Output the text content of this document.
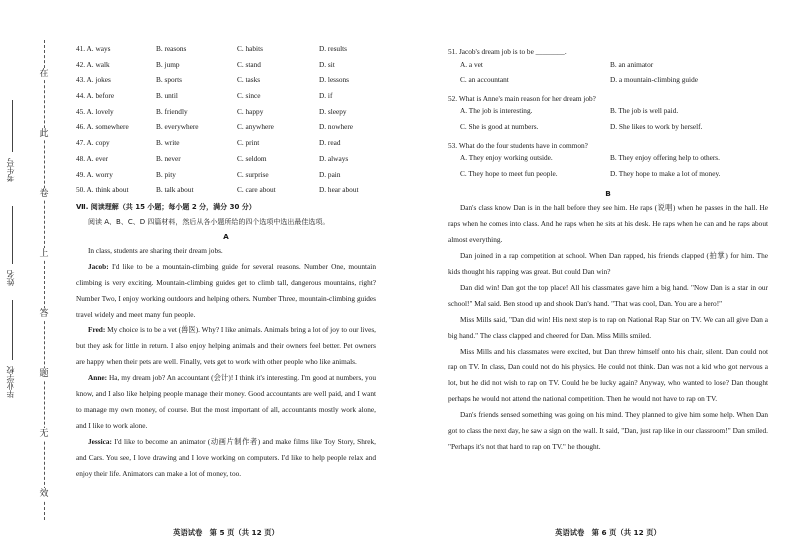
在
此
卷
上
答
题
无
效
考生号
姓名
毕业学校
41. A. ways	B. reasons	C. habits	D. results
42. A. walk	B. jump	C. stand	D. sit
43. A. jokes	B. sports	C. tasks	D. lessons
44. A. before	B. until	C. since	D. if
45. A. lovely	B. friendly	C. happy	D. sleepy
46. A. somewhere	B. everywhere	C. anywhere	D. nowhere
47. A. copy	B. write	C. print	D. read
48. A. ever	B. never	C. seldom	D. always
49. A. worry	B. pity	C. surprise	D. pain
50. A. think about	B. talk about	C. care about	D. hear about
Ⅶ. 阅读理解（共 15 小题；每小题 2 分，满分 30 分）
阅读 A、B、C、D 四篇材料，然后从各小题所给的四个选项中选出最佳选项。
A

In class, students are sharing their dream jobs.

Jacob: I'd like to be a mountain-climbing guide for several reasons. Number One, mountain climbing is very exciting. Mountain-climbing guides get to climb tall, dangerous mountains, right? Number Two, I enjoy working outdoors and helping others. Number Three, mountain-climbing guides travel widely and meet many fun people.

Fred: My choice is to be a vet (兽医). Why? I like animals. Animals bring a lot of joy to our lives, but they ask for little in return. I also enjoy helping animals and their owners feel better. Pet owners are happy when their pets are well. Finally, vets get to work with other people who like animals.

Anne: Ha, my dream job? An accountant (会计)! I think it's interesting. I'm good at numbers, you know, and I also like helping people manage their money. Good accountants are well paid, and I want to manage my own money, of course. But the most important of all, accountants mostly work alone, and I like to work alone.

Jessica: I'd like to become an animator (动画片制作者) and make films like Toy Story, Shrek, and Cars. You see, I love drawing and I love working on computers. I'd like to help people relax and enjoy their life. Animators can make a lot of money, too.

英语试卷　第 5 页（共 12 页）
51. Jacob's dream job is to be ________.
A. a vet	B. an animator
C. an accountant	D. a mountain-climbing guide
52. What is Anne's main reason for her dream job?
A. The job is interesting.	B. The job is well paid.
C. She is good at numbers.	D. She likes to work by herself.
53. What do the four students have in common?
A. They enjoy working outside.	B. They enjoy offering help to others.
C. They hope to meet fun people.	D. They hope to make a lot of money.
B

Dan's class know Dan is in the hall before they see him. He raps (说唱) when he passes in the hall. He raps when he comes into class. And he raps when he sits at his desk. He raps when he can and he raps about almost everything.

Dan joined in a rap competition at school. When Dan rapped, his friends clapped (拍掌) for him. The kids thought his rapping was great. But could Dan win?

Dan did win! Dan got the top place! All his classmates gave him a big hand. "Now Dan is a star in our school!" Mal said. Ben stood up and shook Dan's hand. "That was cool, Dan. You are a hero!"

Miss Mills said, "Dan did win! His next step is to rap on National Rap Star on TV. We can all give Dan a big hand." The class clapped and cheered for Dan. Miss Mills smiled.

Miss Mills and his classmates were excited, but Dan threw himself onto his chair, silent. Dan could not rap on TV. In class, Dan could not do his physics. He could not think. Dan was not a kid who got nervous a lot, but he did not wish to rap on TV. Could he be lucky again? Anyway, who wanted to lose? Dan thought perhaps he would not attend the national competition. Then he would not have to rap on TV.

Dan's friends sensed something was going on his mind. They planned to give him some help. When Dan got to class the next day, he saw a sign on the wall. It said, "Dan, just rap like in our classroom!" Dan smiled. "Perhaps it's not that hard to rap on TV." he thought.

英语试卷　第 6 页（共 12 页）
